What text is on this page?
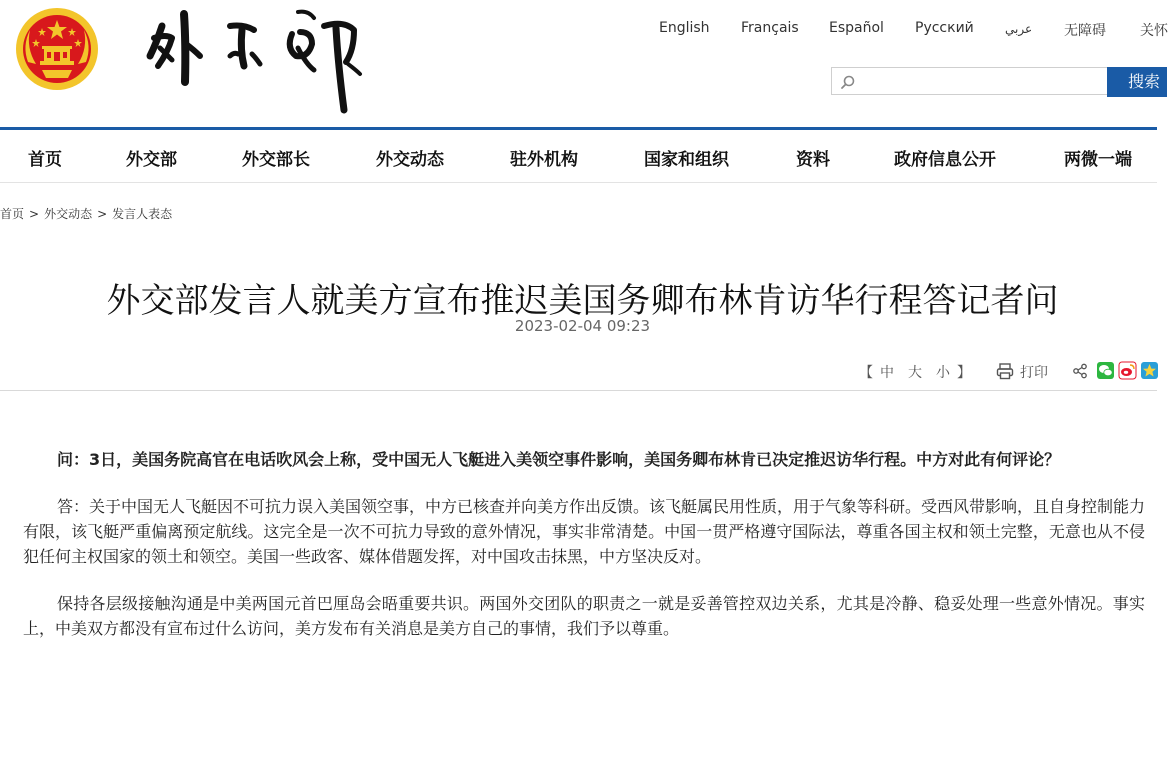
English Français Español Русский	عربي 无障碍 关怀
搜索
首页	外交部	外交部长	外交动态	驻外机构	国家和组织	资料	政府信息公开	两微一端
首页 > 外交动态 > 发言人表态
外交部发言人就美方宣布推迟美国务卿布林肯访华行程答记者问
2023-02-04 09:23
【 中 大 小 】	打印

问：3日，美国务院高官在电话吹风会上称，受中国无人飞艇进入美领空事件影响，美国务卿布林肯已决定推迟访华行程。中方对此有何评论？

答：关于中国无人飞艇因不可抗力误入美国领空事，中方已核查并向美方作出反馈。该飞艇属民用性质，用于气象等科研。受西风带影响，且自身控制能力有限，该飞艇严重偏离预定航线。这完全是一次不可抗力导致的意外情况，事实非常清楚。中国一贯严格遵守国际法，尊重各国主权和领土完整，无意也从不侵犯任何主权国家的领土和领空。美国一些政客、媒体借题发挥，对中国攻击抹黑，中方坚决反对。

保持各层级接触沟通是中美两国元首巴厘岛会晤重要共识。两国外交团队的职责之一就是妥善管控双边关系，尤其是冷静、稳妥处理一些意外情况。事实上，中美双方都没有宣布过什么访问，美方发布有关消息是美方自己的事情，我们予以尊重。
